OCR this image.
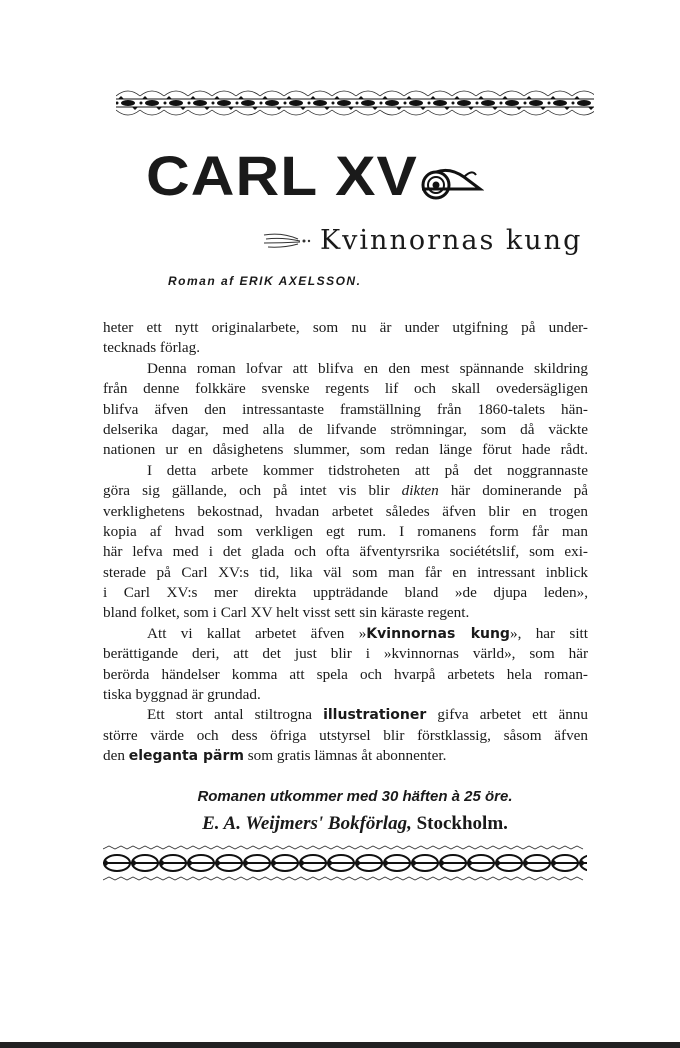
CARL XV
Kvinnornas kung
Roman af ERIK AXELSSON.
heter ett nytt originalarbete, som nu är under utgifning på under-
tecknads förlag.
Denna roman lofvar att blifva en den mest spännande skildring
från denne folkkäre svenske regents lif och skall ovedersägligen
blifva äfven den intressantaste framställning från 1860-talets hän-
delserika dagar, med alla de lifvande strömningar, som då väckte
nationen ur en dåsighetens slummer, som redan länge förut hade rådt.
I detta arbete kommer tidstroheten att på det noggrannaste
göra sig gällande, och på intet vis blir dikten här dominerande på
verklighetens bekostnad, hvadan arbetet således äfven blir en trogen
kopia af hvad som verkligen egt rum. I romanens form får man
här lefva med i det glada och ofta äfventyrsrika sociététslif, som exi-
sterade på Carl XV:s tid, lika väl som man får en intressant inblick
i Carl XV:s mer direkta uppträdande bland »de djupa leden»,
bland folket, som i Carl XV helt visst sett sin käraste regent.
Att vi kallat arbetet äfven »Kvinnornas kung», har sitt
berättigande deri, att det just blir i »kvinnornas värld», som här
berörda händelser komma att spela och hvarpå arbetets hela roman-
tiska byggnad är grundad.
Ett stort antal stiltrogna illustrationer gifva arbetet ett ännu
större värde och dess öfriga utstyrsel blir förstklassig, såsom äfven
den eleganta pärm som gratis lämnas åt abonnenter.
Romanen utkommer med 30 häften à 25 öre.
E. A. Weijmers' Bokförlag, Stockholm.
